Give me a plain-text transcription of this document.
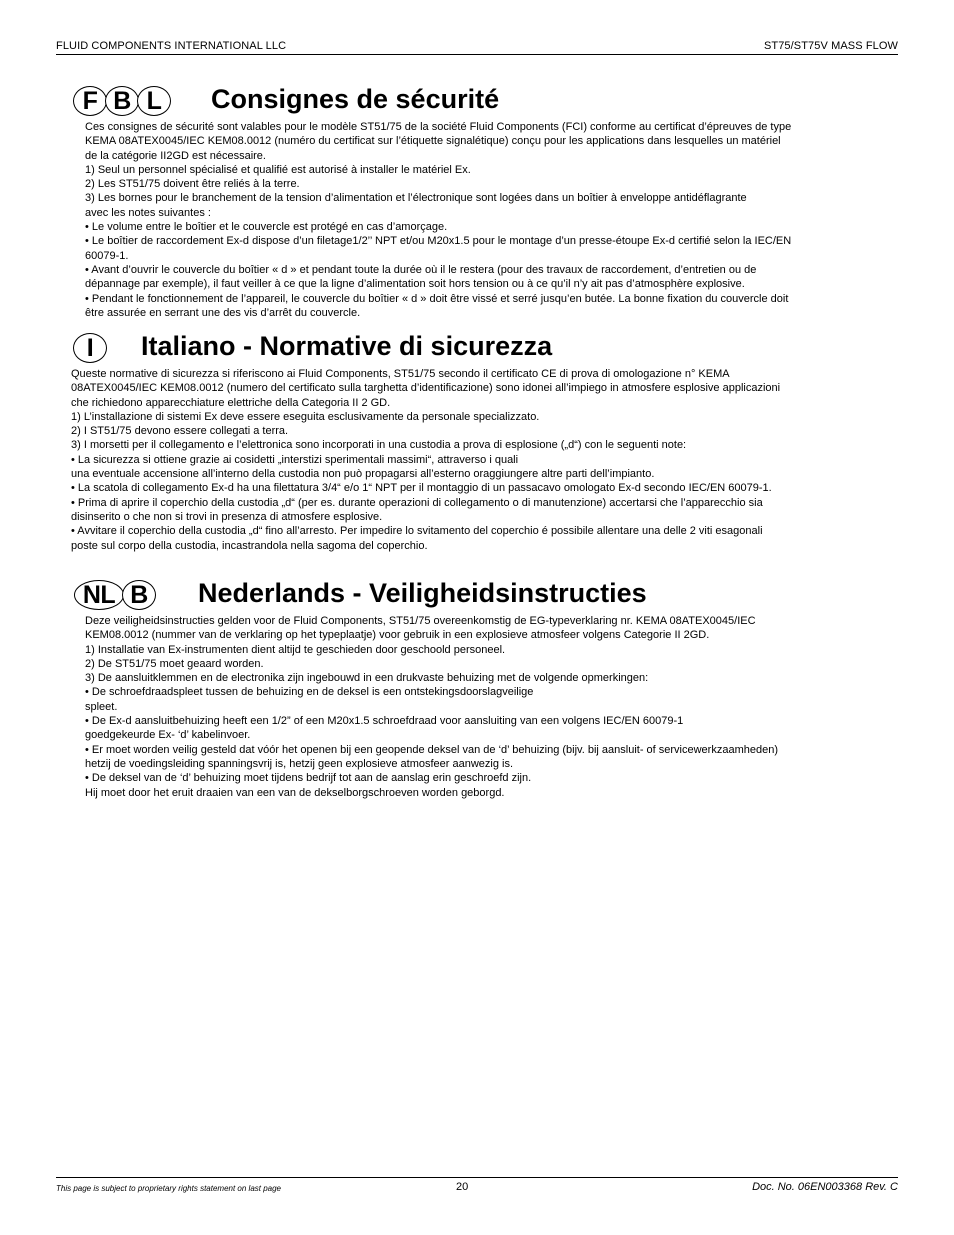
FLUID COMPONENTS INTERNATIONAL LLC	ST75/ST75V MASS FLOW
F B L	Consignes de sécurité

Ces consignes de sécurité sont valables pour le modèle ST51/75 de la société Fluid Components (FCI) conforme au certificat d’épreuves de type

KEMA 08ATEX0045/IEC KEM08.0012 (numéro du certificat sur l’étiquette signalétique) conçu pour les applications dans lesquelles un matériel

de la catégorie II2GD est nécessaire.

1) Seul un personnel spécialisé et qualifié est autorisé à installer le matériel Ex.

2) Les ST51/75 doivent être reliés à la terre.

3) Les bornes pour le branchement de la tension d’alimentation et l’électronique sont logées dans un boîtier à enveloppe antidéflagrante

avec les notes suivantes :

• Le volume entre le boîtier et le couvercle est protégé en cas d’amorçage.

• Le boîtier de raccordement Ex-d dispose d’un filetage1/2’’ NPT et/ou M20x1.5 pour le montage d’un presse-étoupe Ex-d certifié selon la IEC/EN

60079-1.

• Avant d’ouvrir le couvercle du boîtier « d » et pendant toute la durée où il le restera (pour des travaux de raccordement, d’entretien ou de

dépannage par exemple), il faut veiller à ce que la ligne d’alimentation soit hors tension ou à ce qu’il n’y ait pas d’atmosphère explosive.

• Pendant le fonctionnement de l’appareil, le couvercle du boîtier « d » doit être vissé et serré jusqu’en butée. La bonne fixation du couvercle doit

être assurée en serrant une des vis d’arrêt du couvercle.

I	Italiano - Normative di sicurezza

Queste normative di sicurezza si riferiscono ai Fluid Components, ST51/75 secondo il certificato CE di prova di omologazione n° KEMA

08ATEX0045/IEC KEM08.0012 (numero del certificato sulla targhetta d’identificazione) sono idonei all’impiego in atmosfere esplosive applicazioni

che richiedono apparecchiature elettriche della Categoria II 2 GD.

1) L’installazione di sistemi Ex deve essere eseguita esclusivamente da personale specializzato.

2) I ST51/75 devono essere collegati a terra.

3) I morsetti per il collegamento e l’elettronica sono incorporati in una custodia a prova di esplosione („d“) con le seguenti note:

• La sicurezza si ottiene grazie ai cosidetti „interstizi sperimentali massimi“, attraverso i quali

una eventuale accensione all’interno della custodia non può propagarsi all’esterno oraggiungere altre parti dell’impianto.

• La scatola di collegamento Ex-d ha una filettatura 3/4“ e/o 1“ NPT per il montaggio di un passacavo omologato Ex-d secondo IEC/EN 60079-1.

• Prima di aprire il coperchio della custodia „d“ (per es. durante operazioni di collegamento o di manutenzione) accertarsi che l’apparecchio sia

disinserito o che non si trovi in presenza di atmosfere esplosive.

• Avvitare il coperchio della custodia „d“ fino all’arresto. Per impedire lo svitamento del coperchio é possibile allentare una delle 2 viti esagonali

poste sul corpo della custodia, incastrandola nella sagoma del coperchio.

NL B	Nederlands - Veiligheidsinstructies

Deze veiligheidsinstructies gelden voor de Fluid Components, ST51/75 overeenkomstig de EG-typeverklaring nr. KEMA 08ATEX0045/IEC

KEM08.0012 (nummer van de verklaring op het typeplaatje) voor gebruik in een explosieve atmosfeer volgens Categorie II 2GD.

1) Installatie van Ex-instrumenten dient altijd te geschieden door geschoold personeel.

2) De ST51/75 moet geaard worden.

3) De aansluitklemmen en de electronika zijn ingebouwd in een drukvaste behuizing met de volgende opmerkingen:

• De schroefdraadspleet tussen de behuizing en de deksel is een ontstekingsdoorslagveilige

spleet.

• De Ex-d aansluitbehuizing heeft een 1/2” of een M20x1.5 schroefdraad voor aansluiting van een volgens IEC/EN 60079-1

goedgekeurde Ex- ‘d’ kabelinvoer.

• Er moet worden veilig gesteld dat vóór het openen bij een geopende deksel van de ‘d’ behuizing (bijv. bij aansluit- of servicewerkzaamheden)

hetzij de voedingsleiding spanningsvrij is, hetzij geen explosieve atmosfeer aanwezig is.

• De deksel van de ‘d’ behuizing moet tijdens bedrijf tot aan de aanslag erin geschroefd zijn.

Hij moet door het eruit draaien van een van de dekselborgschroeven worden geborgd.

This page is subject to proprietary rights statement on last page	20	Doc. No. 06EN003368 Rev. C
